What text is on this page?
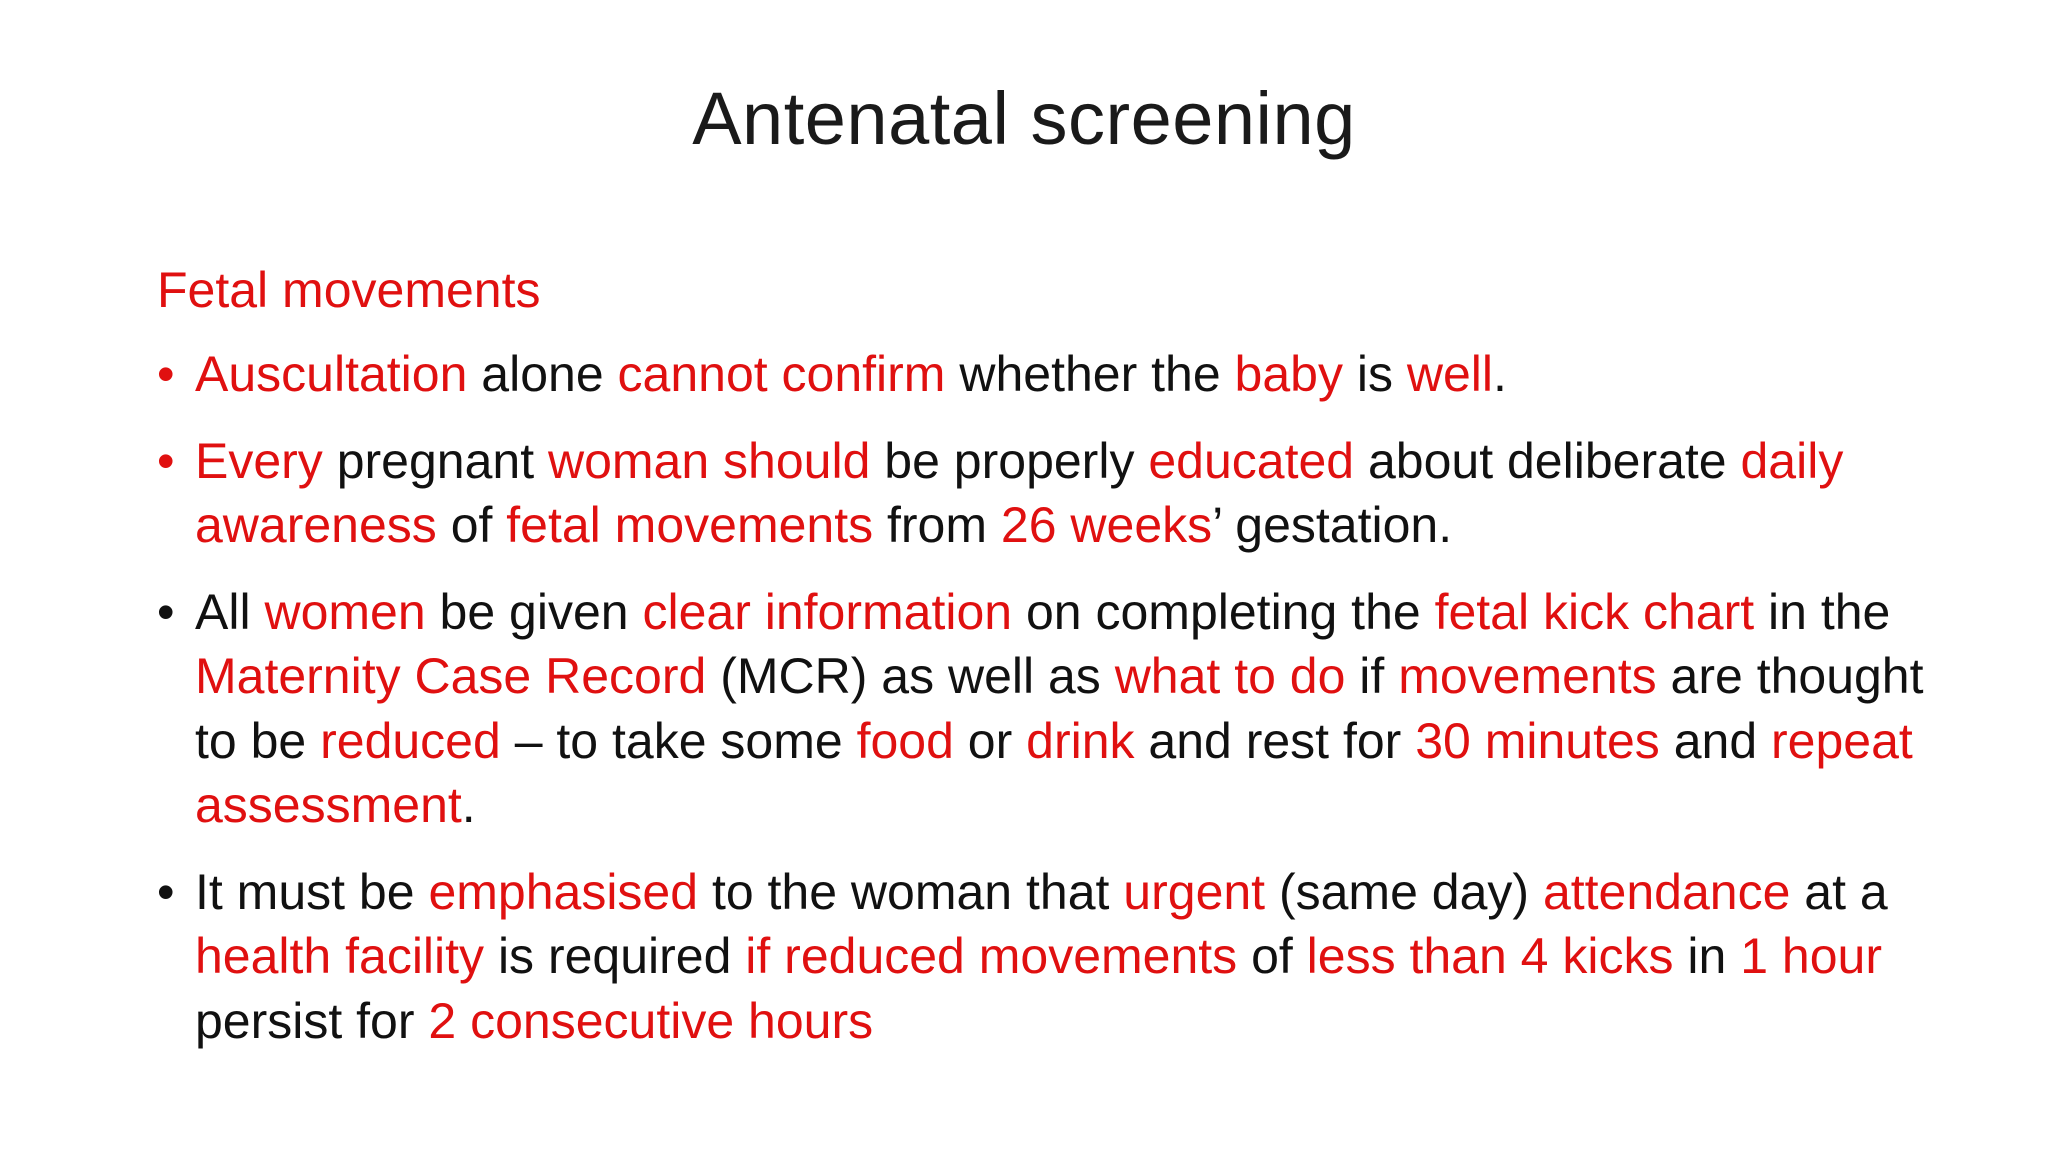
Antenatal screening
Fetal movements
• Auscultation alone cannot confirm whether the baby is well.
• Every pregnant woman should be properly educated about deliberate daily awareness of fetal movements from 26 weeks’ gestation.
• All women be given clear information on completing the fetal kick chart in the Maternity Case Record (MCR) as well as what to do if movements are thought to be reduced – to take some food or drink and rest for 30 minutes and repeat assessment.
• It must be emphasised to the woman that urgent (same day) attendance at a health facility is required if reduced movements of less than 4 kicks in 1 hour persist for 2 consecutive hours
